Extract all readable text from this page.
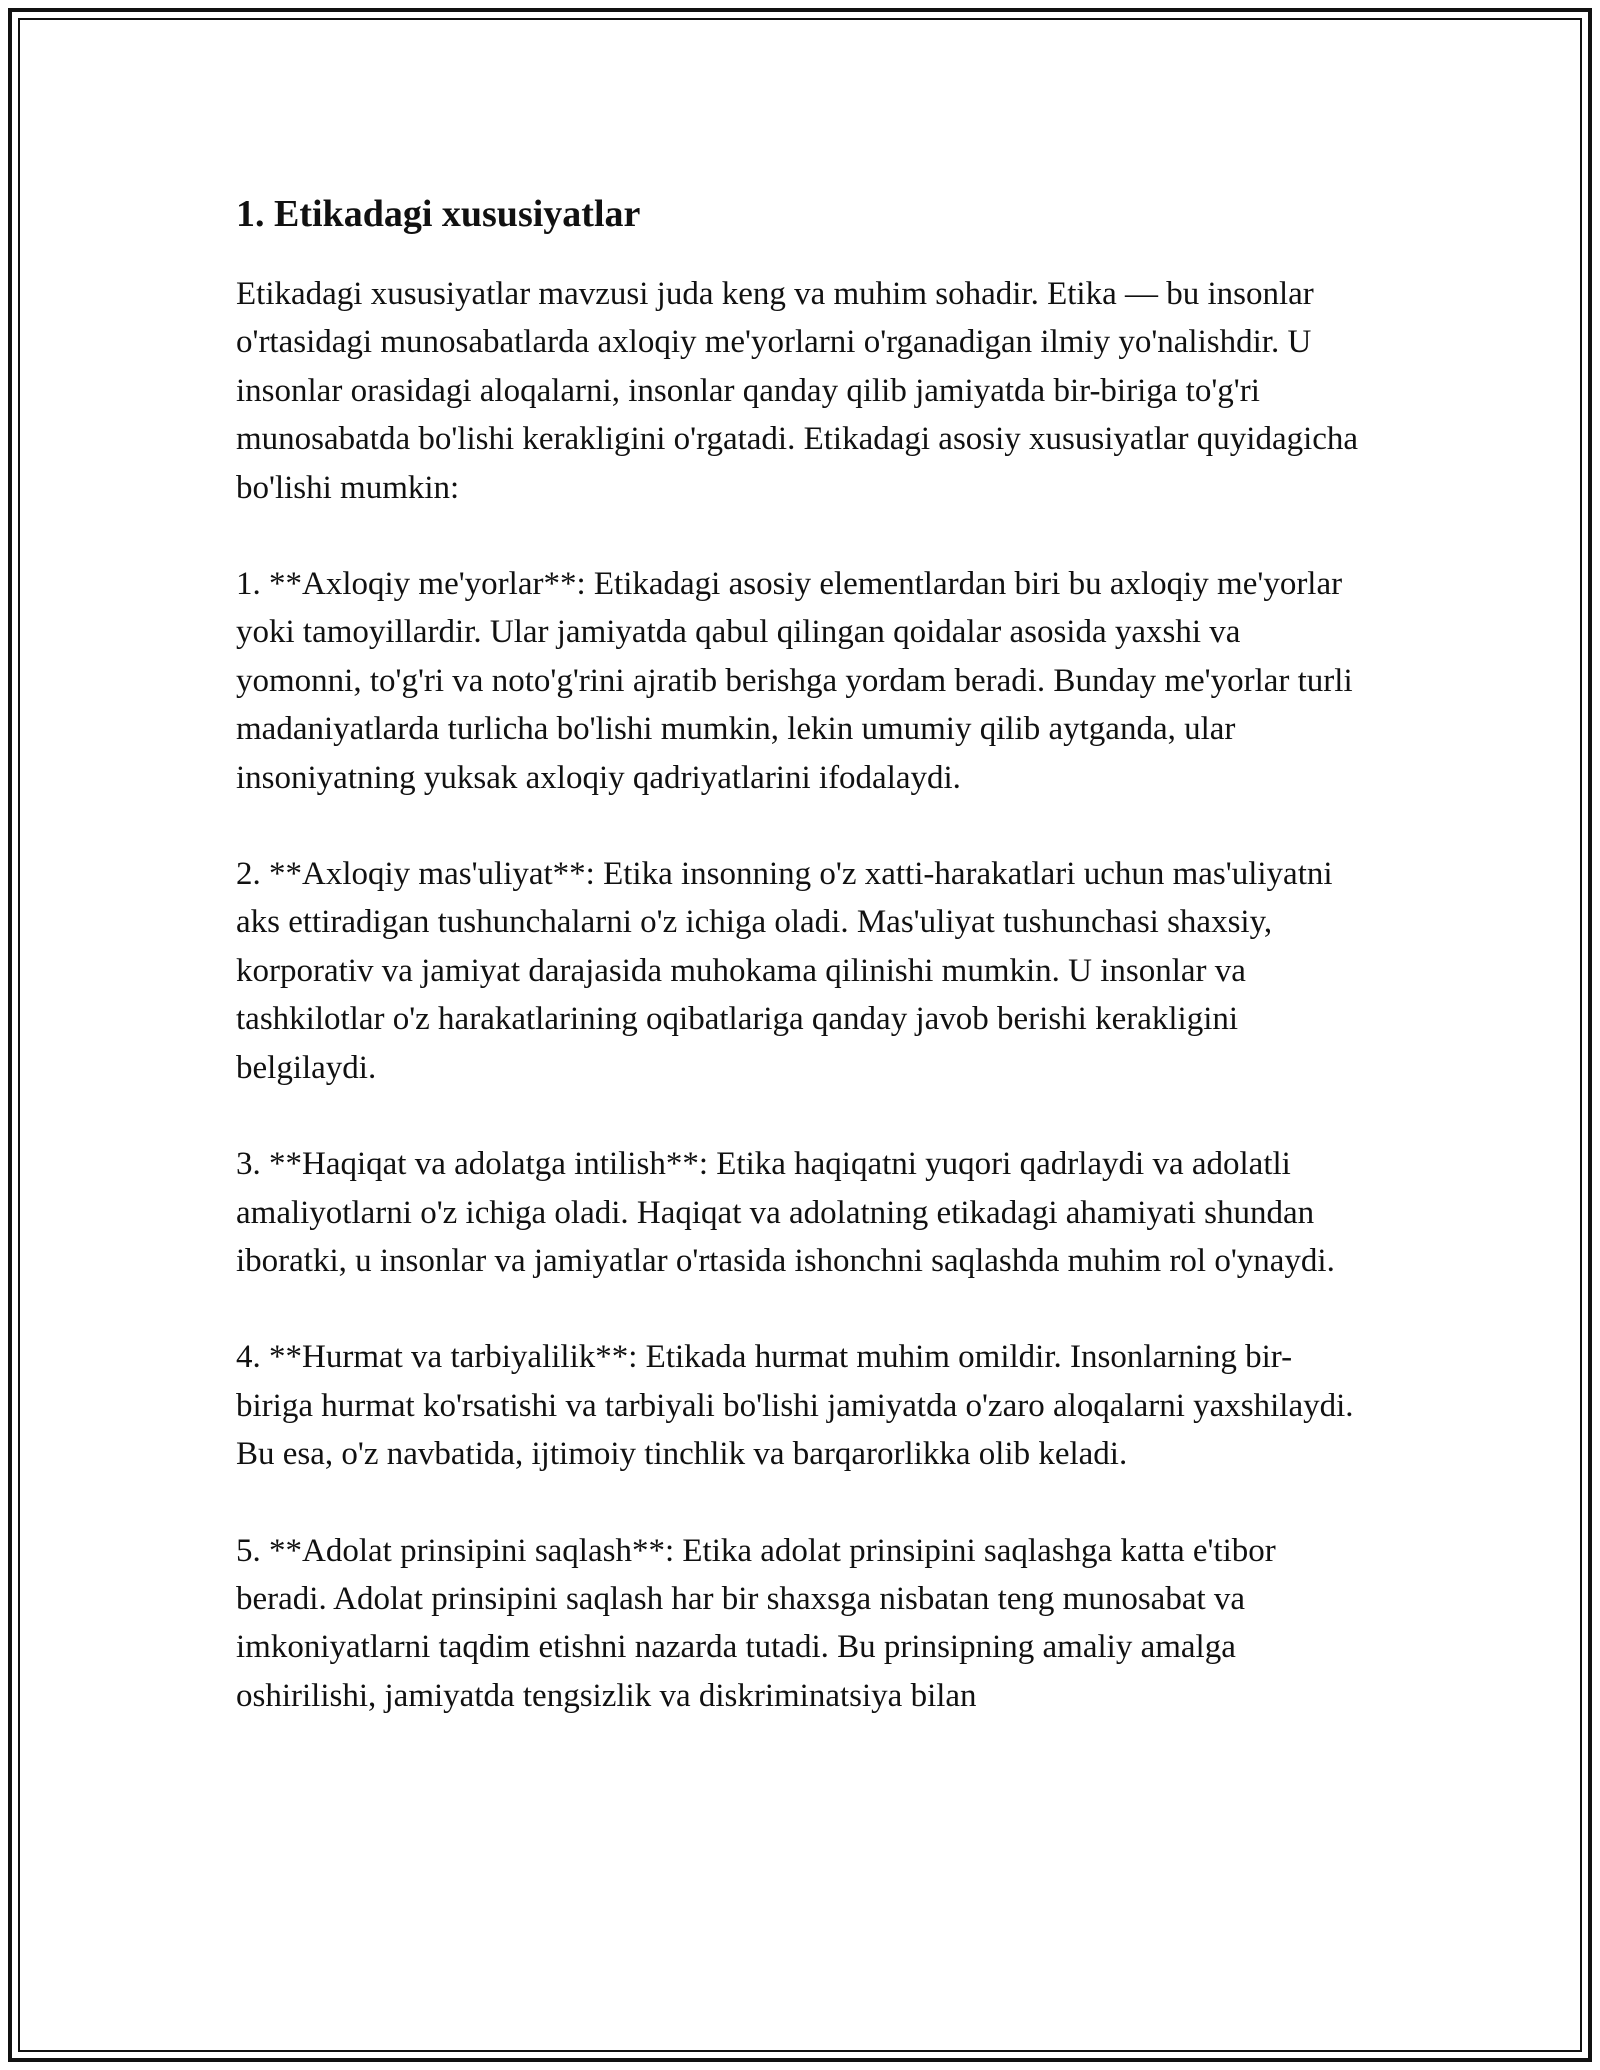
1. Etikadagi xususiyatlar

Etikadagi xususiyatlar mavzusi juda keng va muhim sohadir. Etika — bu insonlar o'rtasidagi munosabatlarda axloqiy me'yorlarni o'rganadigan ilmiy yo'nalishdir. U insonlar orasidagi aloqalarni, insonlar qanday qilib jamiyatda bir-biriga to'g'ri munosabatda bo'lishi kerakligini o'rgatadi. Etikadagi asosiy xususiyatlar quyidagicha bo'lishi mumkin:

1. **Axloqiy me'yorlar**: Etikadagi asosiy elementlardan biri bu axloqiy me'yorlar yoki tamoyillardir. Ular jamiyatda qabul qilingan qoidalar asosida yaxshi va yomonni, to'g'ri va noto'g'rini ajratib berishga yordam beradi. Bunday me'yorlar turli madaniyatlarda turlicha bo'lishi mumkin, lekin umumiy qilib aytganda, ular insoniyatning yuksak axloqiy qadriyatlarini ifodalaydi.

2. **Axloqiy mas'uliyat**: Etika insonning o'z xatti-harakatlari uchun mas'uliyatni aks ettiradigan tushunchalarni o'z ichiga oladi. Mas'uliyat tushunchasi shaxsiy, korporativ va jamiyat darajasida muhokama qilinishi mumkin. U insonlar va tashkilotlar o'z harakatlarining oqibatlariga qanday javob berishi kerakligini belgilaydi.

3. **Haqiqat va adolatga intilish**: Etika haqiqatni yuqori qadrlaydi va adolatli amaliyotlarni o'z ichiga oladi. Haqiqat va adolatning etikadagi ahamiyati shundan iboratki, u insonlar va jamiyatlar o'rtasida ishonchni saqlashda muhim rol o'ynaydi.

4. **Hurmat va tarbiyalilik**: Etikada hurmat muhim omildir. Insonlarning bir-biriga hurmat ko'rsatishi va tarbiyali bo'lishi jamiyatda o'zaro aloqalarni yaxshilaydi. Bu esa, o'z navbatida, ijtimoiy tinchlik va barqarorlikka olib keladi.

5. **Adolat prinsipini saqlash**: Etika adolat prinsipini saqlashga katta e'tibor beradi. Adolat prinsipini saqlash har bir shaxsga nisbatan teng munosabat va imkoniyatlarni taqdim etishni nazarda tutadi. Bu prinsipning amaliy amalga oshirilishi, jamiyatda tengsizlik va diskriminatsiya bilan
